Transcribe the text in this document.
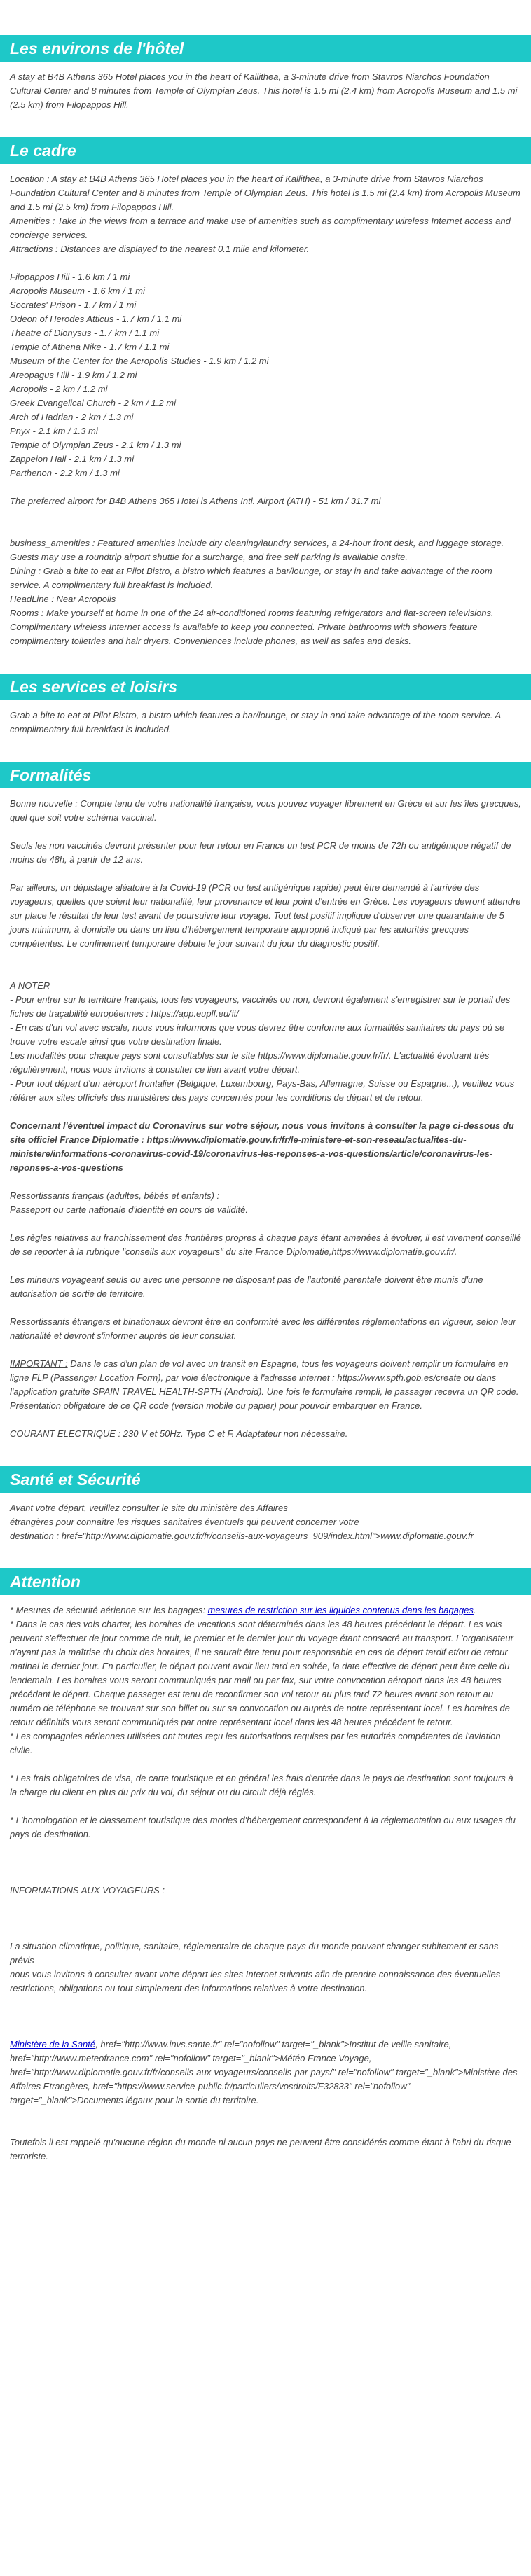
Les environs de l'hôtel

A stay at B4B Athens 365 Hotel places you in the heart of Kallithea, a 3-minute drive from Stavros Niarchos Foundation Cultural Center and 8 minutes from Temple of Olympian Zeus. This hotel is 1.5 mi (2.4 km) from Acropolis Museum and 1.5 mi (2.5 km) from Filopappos Hill.

Le cadre
Location : A stay at B4B Athens 365 Hotel places you in the heart of Kallithea, a 3-minute drive from Stavros Niarchos Foundation Cultural Center and 8 minutes from Temple of Olympian Zeus. This hotel is 1.5 mi (2.4 km) from Acropolis Museum and 1.5 mi (2.5 km) from Filopappos Hill.
Amenities : Take in the views from a terrace and make use of amenities such as complimentary wireless Internet access and concierge services.
Attractions : Distances are displayed to the nearest 0.1 mile and kilometer.
Filopappos Hill - 1.6 km / 1 mi
Acropolis Museum - 1.6 km / 1 mi
Socrates' Prison - 1.7 km / 1 mi
Odeon of Herodes Atticus - 1.7 km / 1.1 mi
Theatre of Dionysus - 1.7 km / 1.1 mi
Temple of Athena Nike - 1.7 km / 1.1 mi
Museum of the Center for the Acropolis Studies - 1.9 km / 1.2 mi
Areopagus Hill - 1.9 km / 1.2 mi
Acropolis - 2 km / 1.2 mi
Greek Evangelical Church - 2 km / 1.2 mi
Arch of Hadrian - 2 km / 1.3 mi
Pnyx - 2.1 km / 1.3 mi
Temple of Olympian Zeus - 2.1 km / 1.3 mi
Zappeion Hall - 2.1 km / 1.3 mi
Parthenon - 2.2 km / 1.3 mi
The preferred airport for B4B Athens 365 Hotel is Athens Intl. Airport (ATH) - 51 km / 31.7 mi
business_amenities : Featured amenities include dry cleaning/laundry services, a 24-hour front desk, and luggage storage. Guests may use a roundtrip airport shuttle for a surcharge, and free self parking is available onsite.
Dining : Grab a bite to eat at Pilot Bistro, a bistro which features a bar/lounge, or stay in and take advantage of the room service. A complimentary full breakfast is included.
HeadLine : Near Acropolis
Rooms : Make yourself at home in one of the 24 air-conditioned rooms featuring refrigerators and flat-screen televisions. Complimentary wireless Internet access is available to keep you connected. Private bathrooms with showers feature complimentary toiletries and hair dryers. Conveniences include phones, as well as safes and desks.
Les services et loisirs

Grab a bite to eat at Pilot Bistro, a bistro which features a bar/lounge, or stay in and take advantage of the room service. A complimentary full breakfast is included.

Formalités

Bonne nouvelle : Compte tenu de votre nationalité française, vous pouvez voyager librement en Grèce et sur les îles grecques, quel que soit votre schéma vaccinal.

Seuls les non vaccinés devront présenter pour leur retour en France un test PCR de moins de 72h ou antigénique négatif de moins de 48h, à partir de 12 ans.

Par ailleurs, un dépistage aléatoire à la Covid-19 (PCR ou test antigénique rapide) peut être demandé à l'arrivée des voyageurs, quelles que soient leur nationalité, leur provenance et leur point d'entrée en Grèce. Les voyageurs devront attendre sur place le résultat de leur test avant de poursuivre leur voyage. Tout test positif implique d'observer une quarantaine de 5 jours minimum, à domicile ou dans un lieu d'hébergement temporaire approprié indiqué par les autorités grecques compétentes. Le confinement temporaire débute le jour suivant du jour du diagnostic positif.

A NOTER
- Pour entrer sur le territoire français, tous les voyageurs, vaccinés ou non, devront également s'enregistrer sur le portail des fiches de traçabilité européennes : https://app.euplf.eu/#/
- En cas d'un vol avec escale, nous vous informons que vous devrez être conforme aux formalités sanitaires du pays où se trouve votre escale ainsi que votre destination finale.
Les modalités pour chaque pays sont consultables sur le site https://www.diplomatie.gouv.fr/fr/. L'actualité évoluant très régulièrement, nous vous invitons à consulter ce lien avant votre départ.
- Pour tout départ d'un aéroport frontalier (Belgique, Luxembourg, Pays-Bas, Allemagne, Suisse ou Espagne...), veuillez vous référer aux sites officiels des ministères des pays concernés pour les conditions de départ et de retour.

Concernant l'éventuel impact du Coronavirus sur votre séjour, nous vous invitons à consulter la page ci-dessous du site officiel France Diplomatie : https://www.diplomatie.gouv.fr/fr/le-ministere-et-son-reseau/actualites-du-ministere/informations-coronavirus-covid-19/coronavirus-les-reponses-a-vos-questions/article/coronavirus-les-reponses-a-vos-questions

Ressortissants français (adultes, bébés et enfants) :
Passeport ou carte nationale d'identité en cours de validité.

Les règles relatives au franchissement des frontières propres à chaque pays étant amenées à évoluer, il est vivement conseillé de se reporter à la rubrique "conseils aux voyageurs" du site France Diplomatie,https://www.diplomatie.gouv.fr/.

Les mineurs voyageant seuls ou avec une personne ne disposant pas de l'autorité parentale doivent être munis d'une autorisation de sortie de territoire.

Ressortissants étrangers et binationaux devront être en conformité avec les différentes réglementations en vigueur, selon leur nationalité et devront s'informer auprès de leur consulat.

IMPORTANT : Dans le cas d'un plan de vol avec un transit en Espagne, tous les voyageurs doivent remplir un formulaire en ligne FLP (Passenger Location Form), par voie électronique à l'adresse internet : https://www.spth.gob.es/create ou dans l'application gratuite SPAIN TRAVEL HEALTH-SPTH (Android). Une fois le formulaire rempli, le passager recevra un QR code. Présentation obligatoire de ce QR code (version mobile ou papier) pour pouvoir embarquer en France.

COURANT ELECTRIQUE : 230 V et 50Hz. Type C et F. Adaptateur non nécessaire.

Santé et Sécurité
Avant votre départ, veuillez consulter le site du ministère des Affaires
étrangères pour connaître les risques sanitaires éventuels qui peuvent concerner votre
destination : href="http://www.diplomatie.gouv.fr/fr/conseils-aux-voyageurs_909/index.html">www.diplomatie.gouv.fr
Attention
* Mesures de sécurité aérienne sur les bagages: mesures de restriction sur les liquides contenus dans les bagages.
* Dans le cas des vols charter, les horaires de vacations sont déterminés dans les 48 heures précédant le départ. Les vols peuvent s'effectuer de jour comme de nuit, le premier et le dernier jour du voyage étant consacré au transport. L'organisateur n'ayant pas la maîtrise du choix des horaires, il ne saurait être tenu pour responsable en cas de départ tardif et/ou de retour matinal le dernier jour. En particulier, le départ pouvant avoir lieu tard en soirée, la date effective de départ peut être celle du lendemain. Les horaires vous seront communiqués par mail ou par fax, sur votre convocation aéroport dans les 48 heures précédant le départ. Chaque passager est tenu de reconfirmer son vol retour au plus tard 72 heures avant son retour au numéro de téléphone se trouvant sur son billet ou sur sa convocation ou auprès de notre représentant local. Les horaires de retour définitifs vous seront communiqués par notre représentant local dans les 48 heures précédant le retour.
* Les compagnies aériennes utilisées ont toutes reçu les autorisations requises par les autorités compétentes de l'aviation civile.
* Les frais obligatoires de visa, de carte touristique et en général les frais d'entrée dans le pays de destination sont toujours à la charge du client en plus du prix du vol, du séjour ou du circuit déjà réglés.
* L'homologation et le classement touristique des modes d'hébergement correspondent à la réglementation ou aux usages du pays de destination.
INFORMATIONS AUX VOYAGEURS :
La situation climatique, politique, sanitaire, réglementaire de chaque pays du monde pouvant changer subitement et sans prévis
nous vous invitons à consulter avant votre départ les sites Internet suivants afin de prendre connaissance des éventuelles restrictions, obligations ou tout simplement des informations relatives à votre destination.
Ministère de la Santé, href="http://www.invs.sante.fr" rel="nofollow" target="_blank">Institut de veille sanitaire, href="http://www.meteofrance.com" rel="nofollow" target="_blank">Météo France Voyage, href="http://www.diplomatie.gouv.fr/fr/conseils-aux-voyageurs/conseils-par-pays/" rel="nofollow" target="_blank">Ministère des Affaires Etrangères, href="https://www.service-public.fr/particuliers/vosdroits/F32833" rel="nofollow" target="_blank">Documents légaux pour la sortie du territoire.
Toutefois il est rappelé qu'aucune région du monde ni aucun pays ne peuvent être considérés comme étant à l'abri du risque terroriste.
